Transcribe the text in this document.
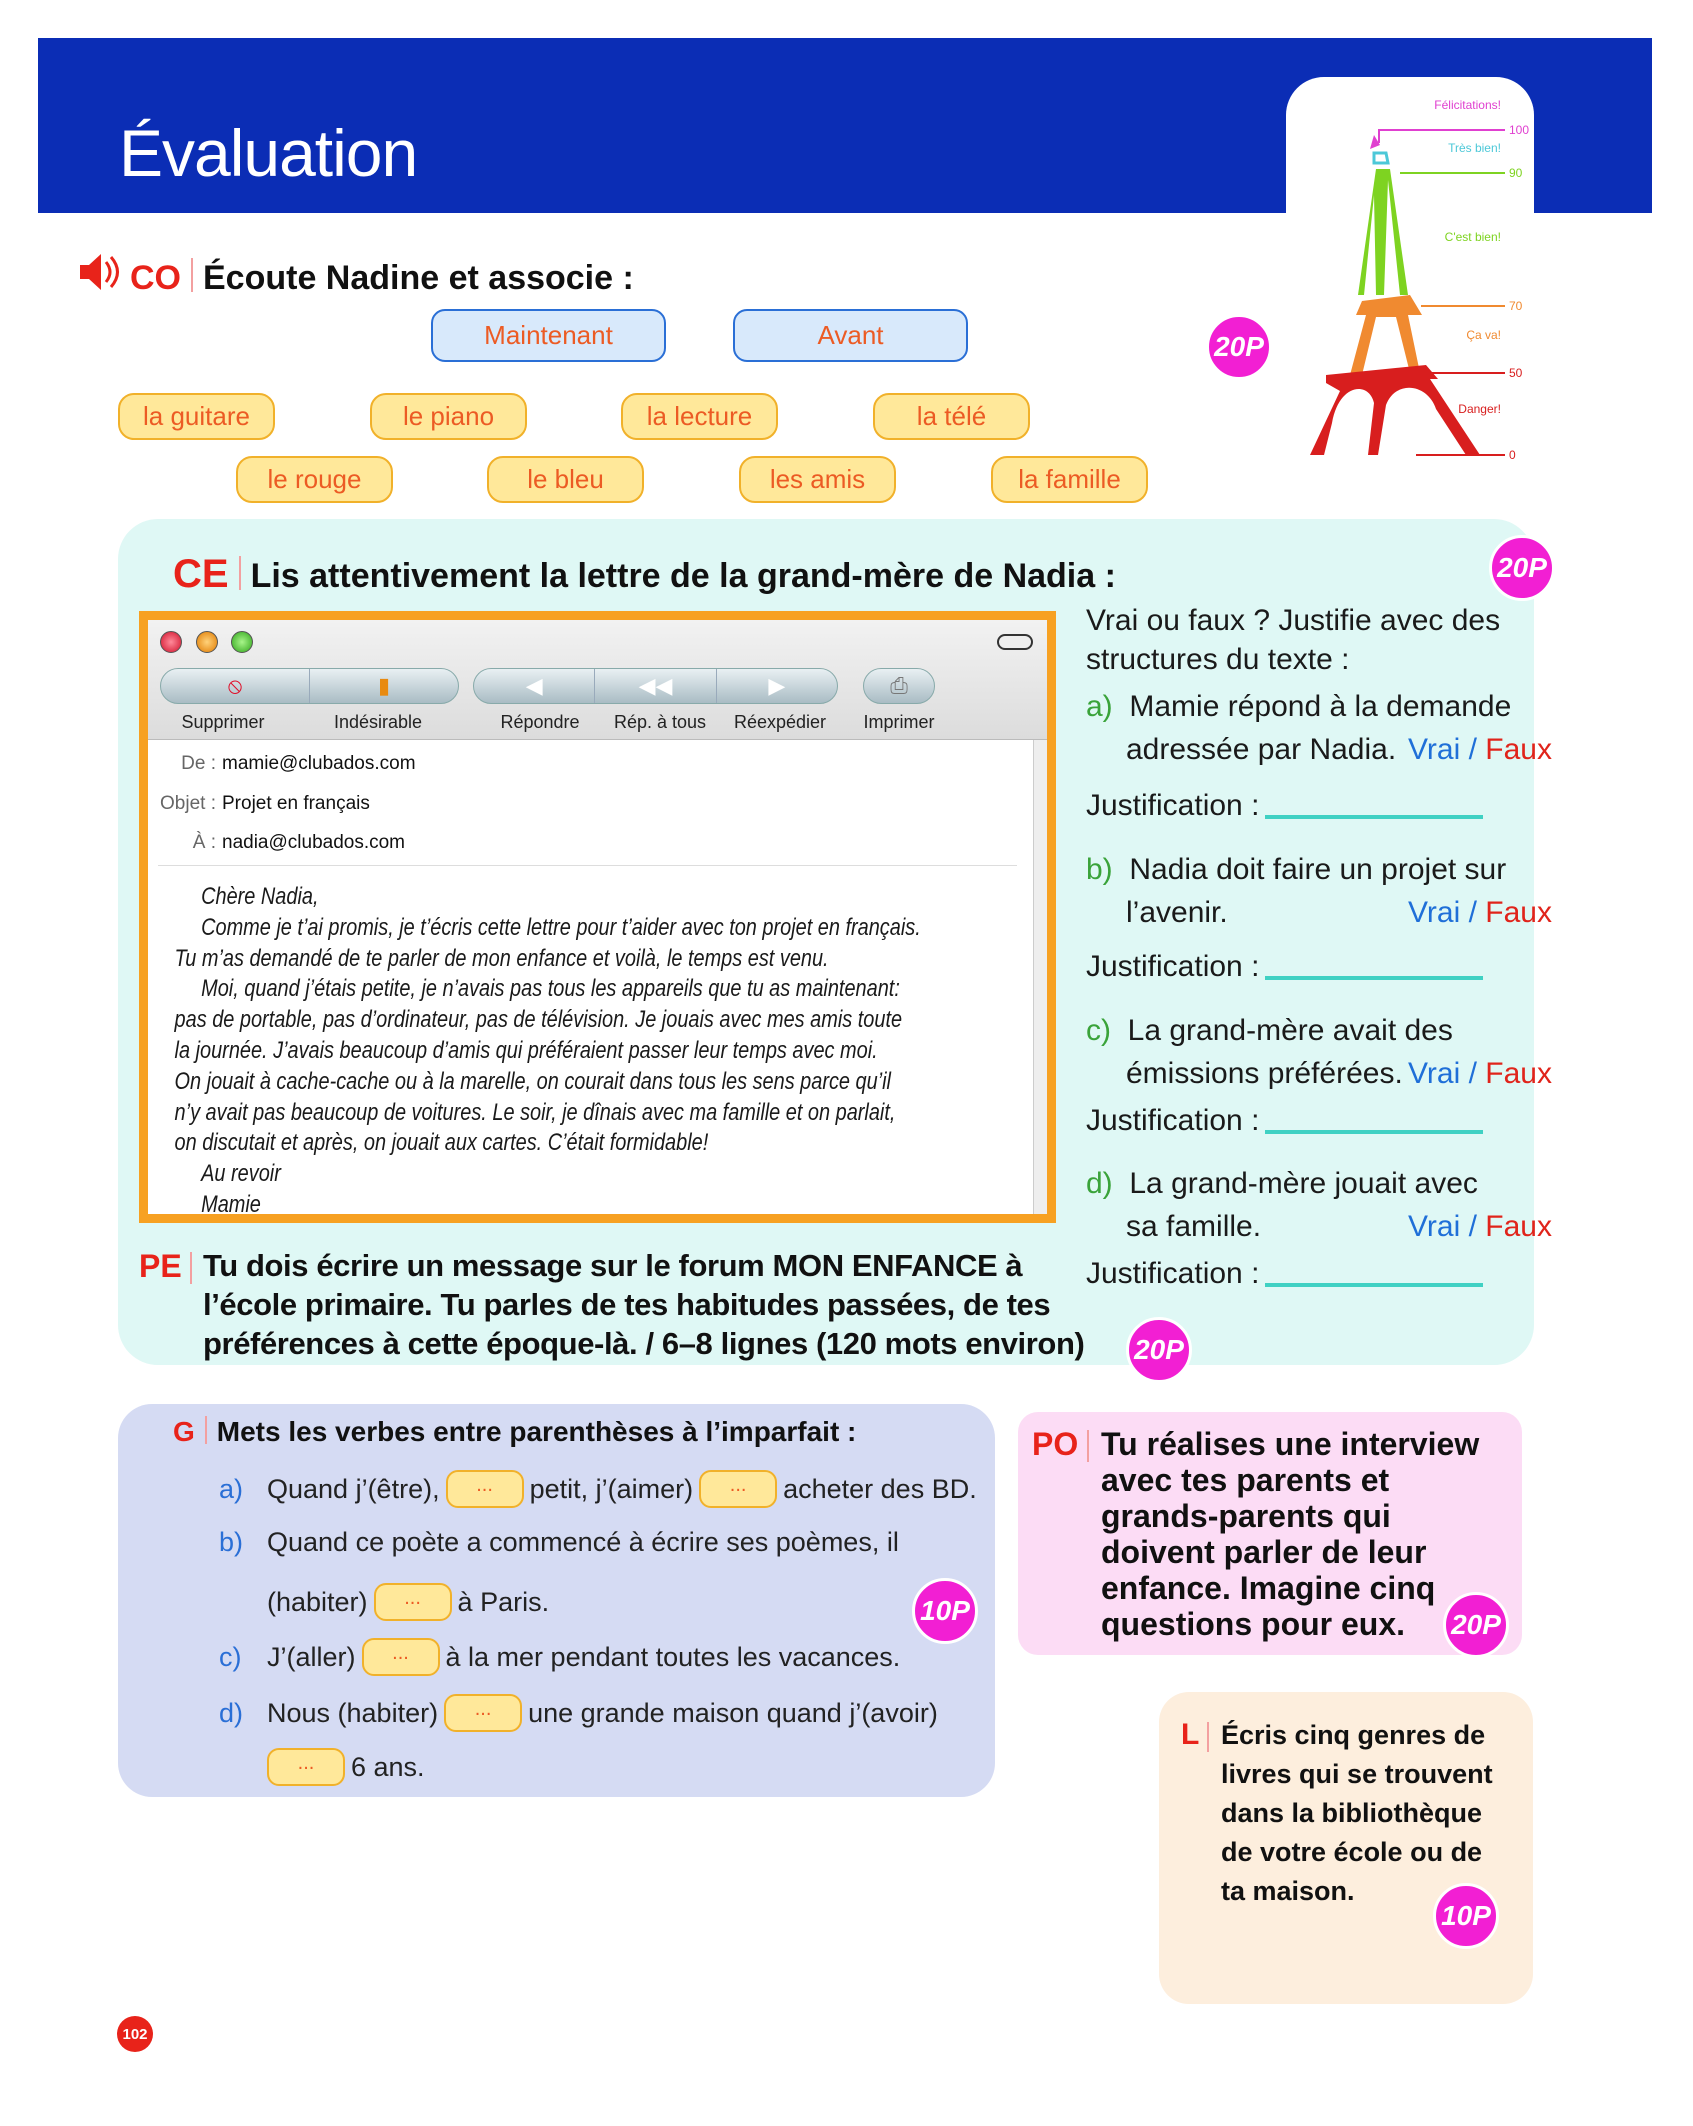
Évaluation
Félicitations!
Très bien!
C'est bien!
Ça va!
Danger!
100
90
70
50
0
CO Écoute Nadine et associe :
Maintenant	Avant
la guitare	le piano	la lecture	la télé
le rouge	le bleu	les amis	la famille
20P
CE Lis attentivement la lettre de la grand-mère de Nadia :	20P
⦸	▮	◀	◀◀	▶	⎙
Supprimer	Indésirable	Répondre Rép. à tous Réexpédier Imprimer
De : mamie@clubados.com
Objet : Projet en français
À : nadia@clubados.com
Chère Nadia,
Comme je t’ai promis, je t’écris cette lettre pour t’aider avec ton projet en français.
Tu m’as demandé de te parler de mon enfance et voilà, le temps est venu.
Moi, quand j’étais petite, je n’avais pas tous les appareils que tu as maintenant:
pas de portable, pas d’ordinateur, pas de télévision. Je jouais avec mes amis toute
la journée. J’avais beaucoup d’amis qui préféraient passer leur temps avec moi.
On jouait à cache-cache ou à la marelle, on courait dans tous les sens parce qu’il
n’y avait pas beaucoup de voitures. Le soir, je dînais avec ma famille et on parlait,
on discutait et après, on jouait aux cartes. C’était formidable!
Au revoir
Mamie
Vrai ou faux ? Justifie avec des
structures du texte :
a) Mamie répond à la demande
adressée par Nadia. Vrai / Faux
Justification :
b) Nadia doit faire un projet sur
l’avenir.	Vrai / Faux
Justification :
c) La grand-mère avait des
émissions préférées. Vrai / Faux
Justification :
d) La grand-mère jouait avec
sa famille.	Vrai / Faux
Justification :
PE Tu dois écrire un message sur le forum MON ENFANCE à
l’école primaire. Tu parles de tes habitudes passées, de tes
préférences à cette époque-là. / 6–8 lignes (120 mots environ) 20P
G Mets les verbes entre parenthèses à l’imparfait :
a) Quand j’(être),	...	petit, j’(aimer)	...	acheter des BD.
b) Quand ce poète a commencé à écrire ses poèmes, il
(habiter)	...	à Paris.
c) J’(aller)	...	à la mer pendant toutes les vacances.
d) Nous (habiter)	...	une grande maison quand j’(avoir)
...	6 ans.
10P
PO Tu réalises une interview
avec tes parents et
grands-parents qui
doivent parler de leur
enfance. Imagine cinq
questions pour eux. 20P
L Écris cinq genres de
livres qui se trouvent
dans la bibliothèque
de votre école ou de
ta maison.
10P
102
